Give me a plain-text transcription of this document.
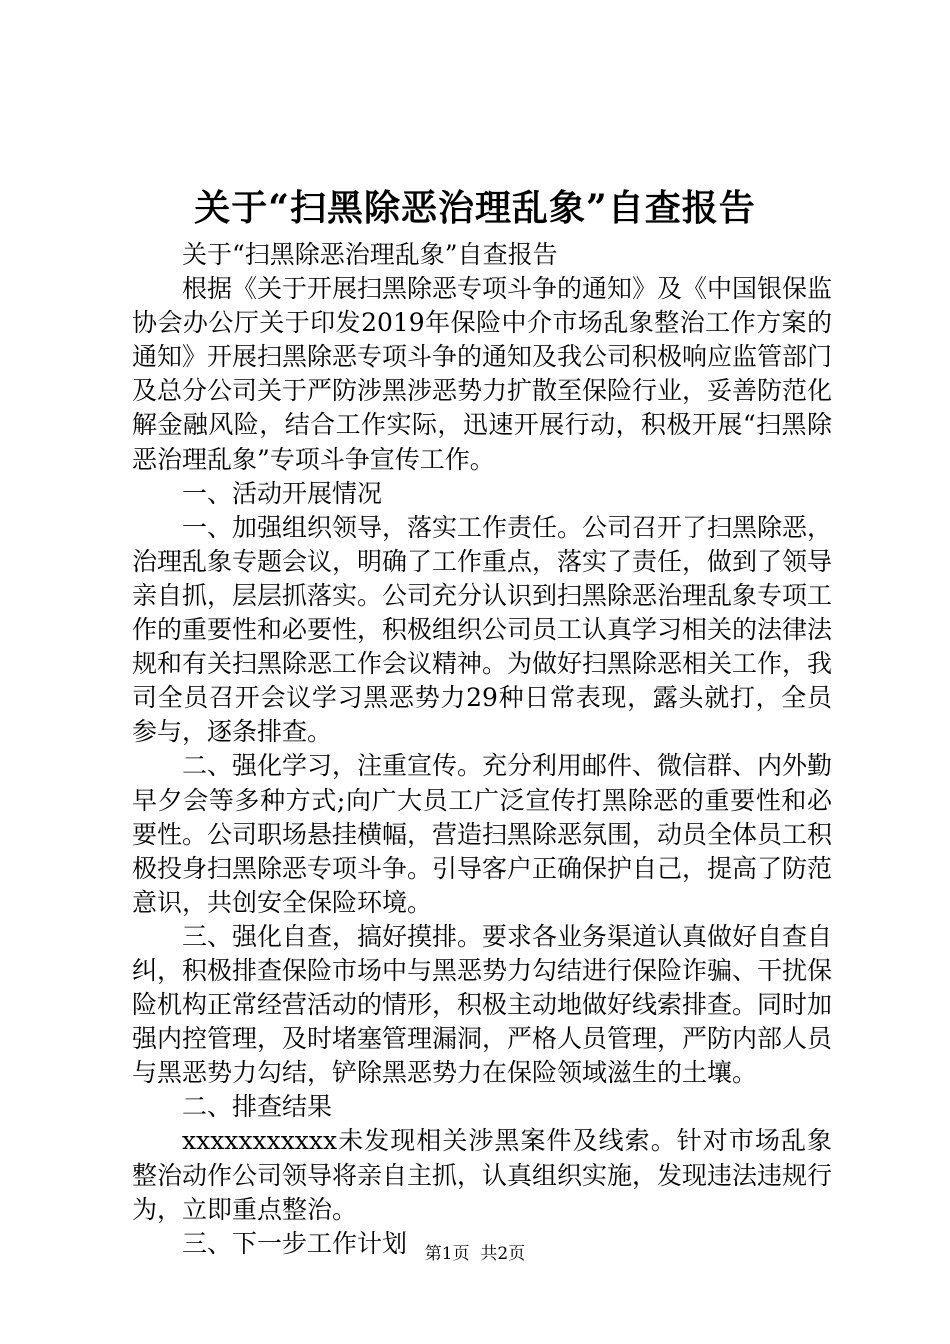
关于“扫黑除恶治理乱象”自查报告

关于“扫黑除恶治理乱象”自查报告

根据《关于开展扫黑除恶专项斗争的通知》及《中国银保监协会办公厅关于印发2019年保险中介市场乱象整治工作方案的通知》开展扫黑除恶专项斗争的通知及我公司积极响应监管部门及总分公司关于严防涉黑涉恶势力扩散至保险行业，妥善防范化解金融风险，结合工作实际，迅速开展行动，积极开展“扫黑除恶治理乱象”专项斗争宣传工作。

一、活动开展情况

一、加强组织领导，落实工作责任。公司召开了扫黑除恶，治理乱象专题会议，明确了工作重点，落实了责任，做到了领导亲自抓，层层抓落实。公司充分认识到扫黑除恶治理乱象专项工作的重要性和必要性，积极组织公司员工认真学习相关的法律法规和有关扫黑除恶工作会议精神。为做好扫黑除恶相关工作，我司全员召开会议学习黑恶势力29种日常表现，露头就打，全员参与，逐条排查。

二、强化学习，注重宣传。充分利用邮件、微信群、内外勤早夕会等多种方式;向广大员工广泛宣传打黑除恶的重要性和必要性。公司职场悬挂横幅，营造扫黑除恶氛围，动员全体员工积极投身扫黑除恶专项斗争。引导客户正确保护自己，提高了防范意识，共创安全保险环境。

三、强化自查，搞好摸排。要求各业务渠道认真做好自查自纠，积极排查保险市场中与黑恶势力勾结进行保险诈骗、干扰保险机构正常经营活动的情形，积极主动地做好线索排查。同时加强内控管理，及时堵塞管理漏洞，严格人员管理，严防内部人员与黑恶势力勾结，铲除黑恶势力在保险领域滋生的土壤。

二、排查结果

xxxxxxxxxxx未发现相关涉黑案件及线索。针对市场乱象整治动作公司领导将亲自主抓，认真组织实施，发现违法违规行为，立即重点整治。

三、下一步工作计划	第1页  共2页
